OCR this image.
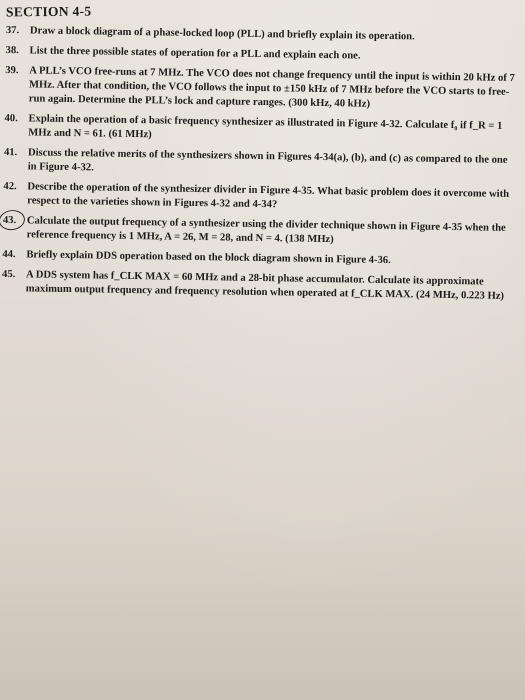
SECTION 4-5
37. Draw a block diagram of a phase-locked loop (PLL) and briefly explain its operation.
38. List the three possible states of operation for a PLL and explain each one.
39. A PLL’s VCO free-runs at 7 MHz. The VCO does not change frequency until the input is within 20 kHz of 7 MHz. After that condition, the VCO follows the input to ±150 kHz of 7 MHz before the VCO starts to free-run again. Determine the PLL’s lock and capture ranges. (300 kHz, 40 kHz)
40. Explain the operation of a basic frequency synthesizer as illustrated in Figure 4-32. Calculate f₀ if f_R = 1 MHz and N = 61. (61 MHz)
41. Discuss the relative merits of the synthesizers shown in Figures 4-34(a), (b), and (c) as compared to the one in Figure 4-32.
42. Describe the operation of the synthesizer divider in Figure 4-35. What basic problem does it overcome with respect to the varieties shown in Figures 4-32 and 4-34?
43. Calculate the output frequency of a synthesizer using the divider technique shown in Figure 4-35 when the reference frequency is 1 MHz, A = 26, M = 28, and N = 4. (138 MHz)
44. Briefly explain DDS operation based on the block diagram shown in Figure 4-36.
45. A DDS system has f_CLK MAX = 60 MHz and a 28-bit phase accumulator. Calculate its approximate maximum output frequency and frequency resolution when operated at f_CLK MAX. (24 MHz, 0.223 Hz)
